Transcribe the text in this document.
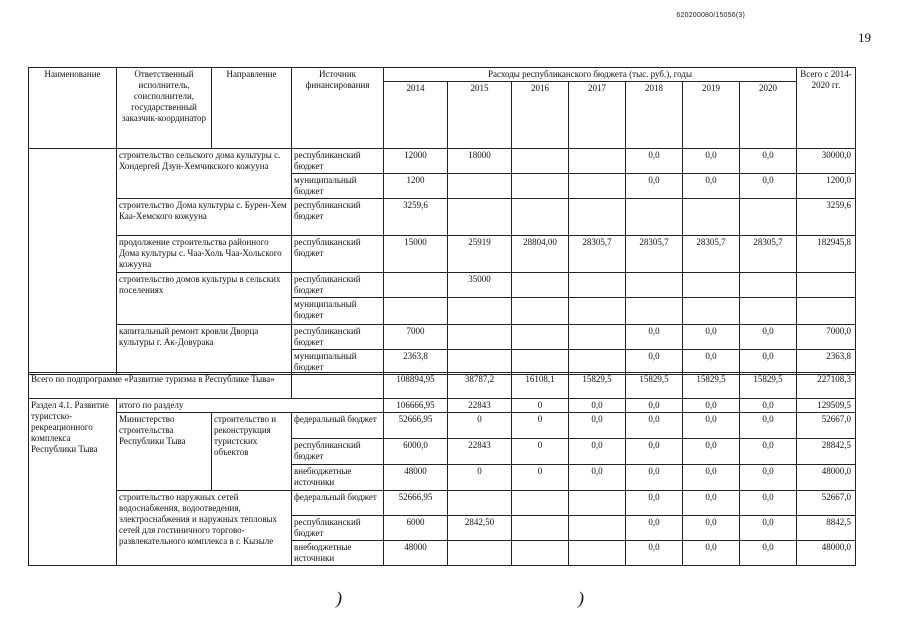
620200080/15056(3)
19
Наименование	Ответственный исполнитель, соисполнители, государственный заказчик-координатор	Направление	Источник финансирования	Расходы республиканского бюджета (тыс. руб.), годы							Всего с 2014-2020 гг.
				2014	2015	2016	2017	2018	2019	2020	
	строительство сельского дома культуры с. Хондергей Дзун-Хемчикского кожууна		республиканский бюджет	12000	18000			0,0	0,0	0,0	30000,0
			муниципальный бюджет	1200				0,0	0,0	0,0	1200,0
	строительство Дома культуры с. Бурен-Хем Каа-Хемского кожууна		республиканский бюджет	3259,6							3259,6
	продолжение строительства районного Дома культуры с. Чаа-Холь Чаа-Хольского кожууна		республиканский бюджет	15000	25919	28804,00	28305,7	28305,7	28305,7	28305,7	182945,8
	строительство домов культуры в сельских поселениях		республиканский бюджет		35000						
			муниципальный бюджет								
	капитальный ремонт кровли Дворца культуры г. Ак-Довурака		республиканский бюджет	7000				0,0	0,0	0,0	7000,0
			муниципальный бюджет	2363,8				0,0	0,0	0,0	2363,8
Всего по подпрограмме «Развитие туризма в Республике Тыва»				108894,95	38787,2	16108,1	15829,5	15829,5	15829,5	15829,5	227108,3
Раздел 4.1. Развитие туристско-рекреационного комплекса Республики Тыва	итого по разделу			106666,95	22843	0	0,0	0,0	0,0	0,0	129509,5
	Министерство строительства Республики Тыва	строительство и реконструкция туристских объектов	федеральный бюджет	52666,95	0	0	0,0	0,0	0,0	0,0	52667,0
			республиканский бюджет	6000,0	22843	0	0,0	0,0	0,0	0,0	28842,5
			внебюджетные источники	48000	0	0	0,0	0,0	0,0	0,0	48000,0
	строительство наружных сетей водоснабжения, водоотведения, электроснабжения и наружных тепловых сетей для гостиничного торгово-развлекательного комплекса в г. Кызыле		федеральный бюджет	52666,95				0,0	0,0	0,0	52667,0
			республиканский бюджет	6000	2842,50			0,0	0,0	0,0	8842,5
			внебюджетные источники	48000				0,0	0,0	0,0	48000,0
)	)
